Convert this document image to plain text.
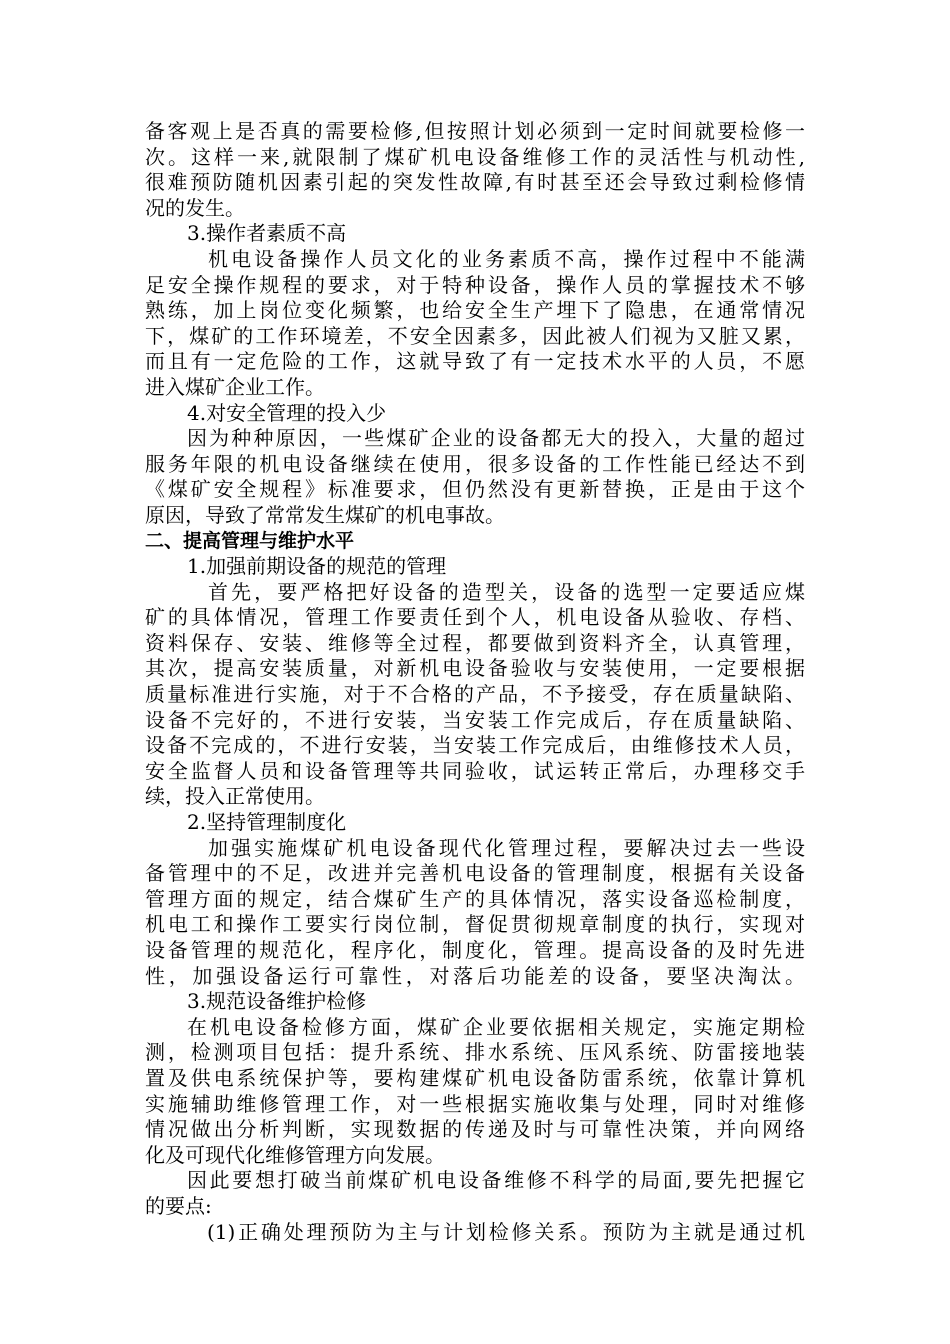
备客观上是否真的需要检修,但按照计划必须到一定时间就要检修一
次。这样一来,就限制了煤矿机电设备维修工作的灵活性与机动性,
很难预防随机因素引起的突发性故障,有时甚至还会导致过剩检修情
况的发生。
3.操作者素质不高
机电设备操作人员文化的业务素质不高，操作过程中不能满
足安全操作规程的要求，对于特种设备，操作人员的掌握技术不够
熟练，加上岗位变化频繁，也给安全生产埋下了隐患，在通常情况
下，煤矿的工作环境差，不安全因素多，因此被人们视为又脏又累，
而且有一定危险的工作，这就导致了有一定技术水平的人员，不愿
进入煤矿企业工作。
4.对安全管理的投入少
因为种种原因，一些煤矿企业的设备都无大的投入，大量的超过
服务年限的机电设备继续在使用，很多设备的工作性能已经达不到
《煤矿安全规程》标准要求，但仍然没有更新替换，正是由于这个
原因，导致了常常发生煤矿的机电事故。
二、提高管理与维护水平
1.加强前期设备的规范的管理
首先，要严格把好设备的造型关，设备的选型一定要适应煤
矿的具体情况，管理工作要责任到个人，机电设备从验收、存档、
资料保存、安装、维修等全过程，都要做到资料齐全，认真管理，
其次，提高安装质量，对新机电设备验收与安装使用，一定要根据
质量标准进行实施，对于不合格的产品，不予接受，存在质量缺陷、
设备不完好的，不进行安装，当安装工作完成后，存在质量缺陷、
设备不完成的，不进行安装，当安装工作完成后，由维修技术人员，
安全监督人员和设备管理等共同验收，试运转正常后，办理移交手
续，投入正常使用。
2.坚持管理制度化
加强实施煤矿机电设备现代化管理过程，要解决过去一些设
备管理中的不足，改进并完善机电设备的管理制度，根据有关设备
管理方面的规定，结合煤矿生产的具体情况，落实设备巡检制度，
机电工和操作工要实行岗位制，督促贯彻规章制度的执行，实现对
设备管理的规范化，程序化，制度化，管理。提高设备的及时先进
性，加强设备运行可靠性，对落后功能差的设备，要坚决淘汰。
3.规范设备维护检修
在机电设备检修方面，煤矿企业要依据相关规定，实施定期检
测，检测项目包括：提升系统、排水系统、压风系统、防雷接地装
置及供电系统保护等，要构建煤矿机电设备防雷系统，依靠计算机
实施辅助维修管理工作，对一些根据实施收集与处理，同时对维修
情况做出分析判断，实现数据的传递及时与可靠性决策，并向网络
化及可现代化维修管理方向发展。
因此要想打破当前煤矿机电设备维修不科学的局面,要先把握它
的要点:
(1)正确处理预防为主与计划检修关系。预防为主就是通过机
